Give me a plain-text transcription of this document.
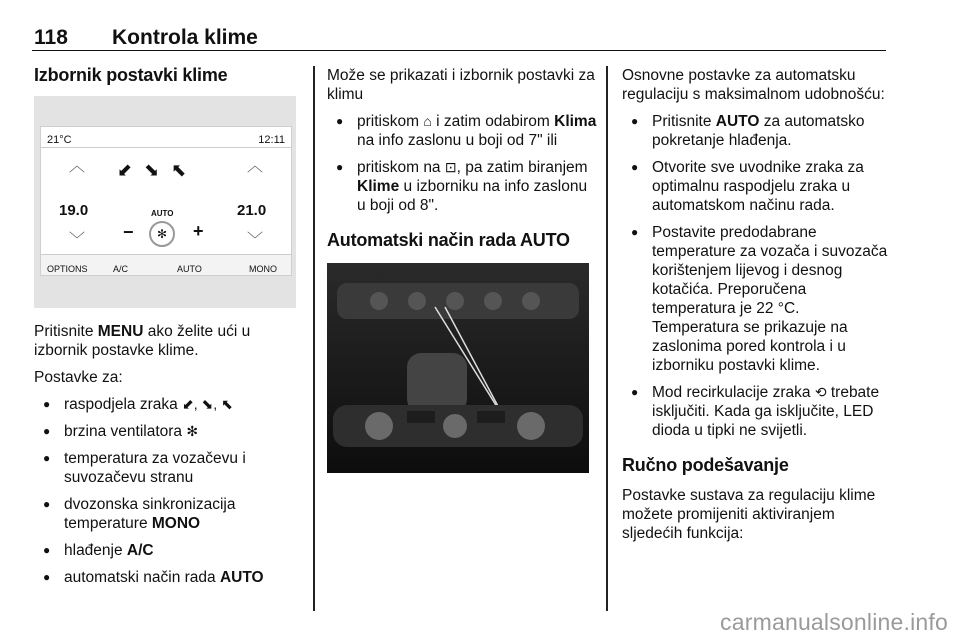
118 Kontrola klime
Izbornik postavki klime
21°C	12:11
︿
﹀
︿
﹀
19.0	21.0
⬋⬊⬉
AUTO
−	✻	+
OPTIONS	A/C	AUTO	MONO

Pritisnite MENU ako želite ući u izbornik postavke klime.

Postavke za:

● raspodjela zraka ⬋, ⬊, ⬉
● brzina ventilatora ✻
● temperatura za vozačevu i suvozačevu stranu
● dvozonska sinkronizacija temperature MONO
● hlađenje A/C
● automatski način rada AUTO

Može se prikazati i izbornik postavki za klimu

● pritiskom ⌂ i zatim odabirom Klima na info zaslonu u boji od 7" ili
● pritiskom na ⊡, pa zatim biranjem Klime u izborniku na info zaslonu u boji od 8".
Automatski način rada AUTO

Osnovne postavke za automatsku regulaciju s maksimalnom udobnošću:

● Pritisnite AUTO za automatsko pokretanje hlađenja.
● Otvorite sve uvodnike zraka za optimalnu raspodjelu zraka u automatskom načinu rada.
● Postavite predodabrane temperature za vozača i suvozača korištenjem lijevog i desnog kotačića. Preporučena temperatura je 22 °C. Temperatura se prikazuje na zaslonima pored kontrola i u izborniku postavki klime.
● Mod recirkulacije zraka ⟲ trebate isključiti. Kada ga isključite, LED dioda u tipki ne svijetli.
Ručno podešavanje

Postavke sustava za regulaciju klime možete promijeniti aktiviranjem sljedećih funkcija:

carmanualsonline.info
